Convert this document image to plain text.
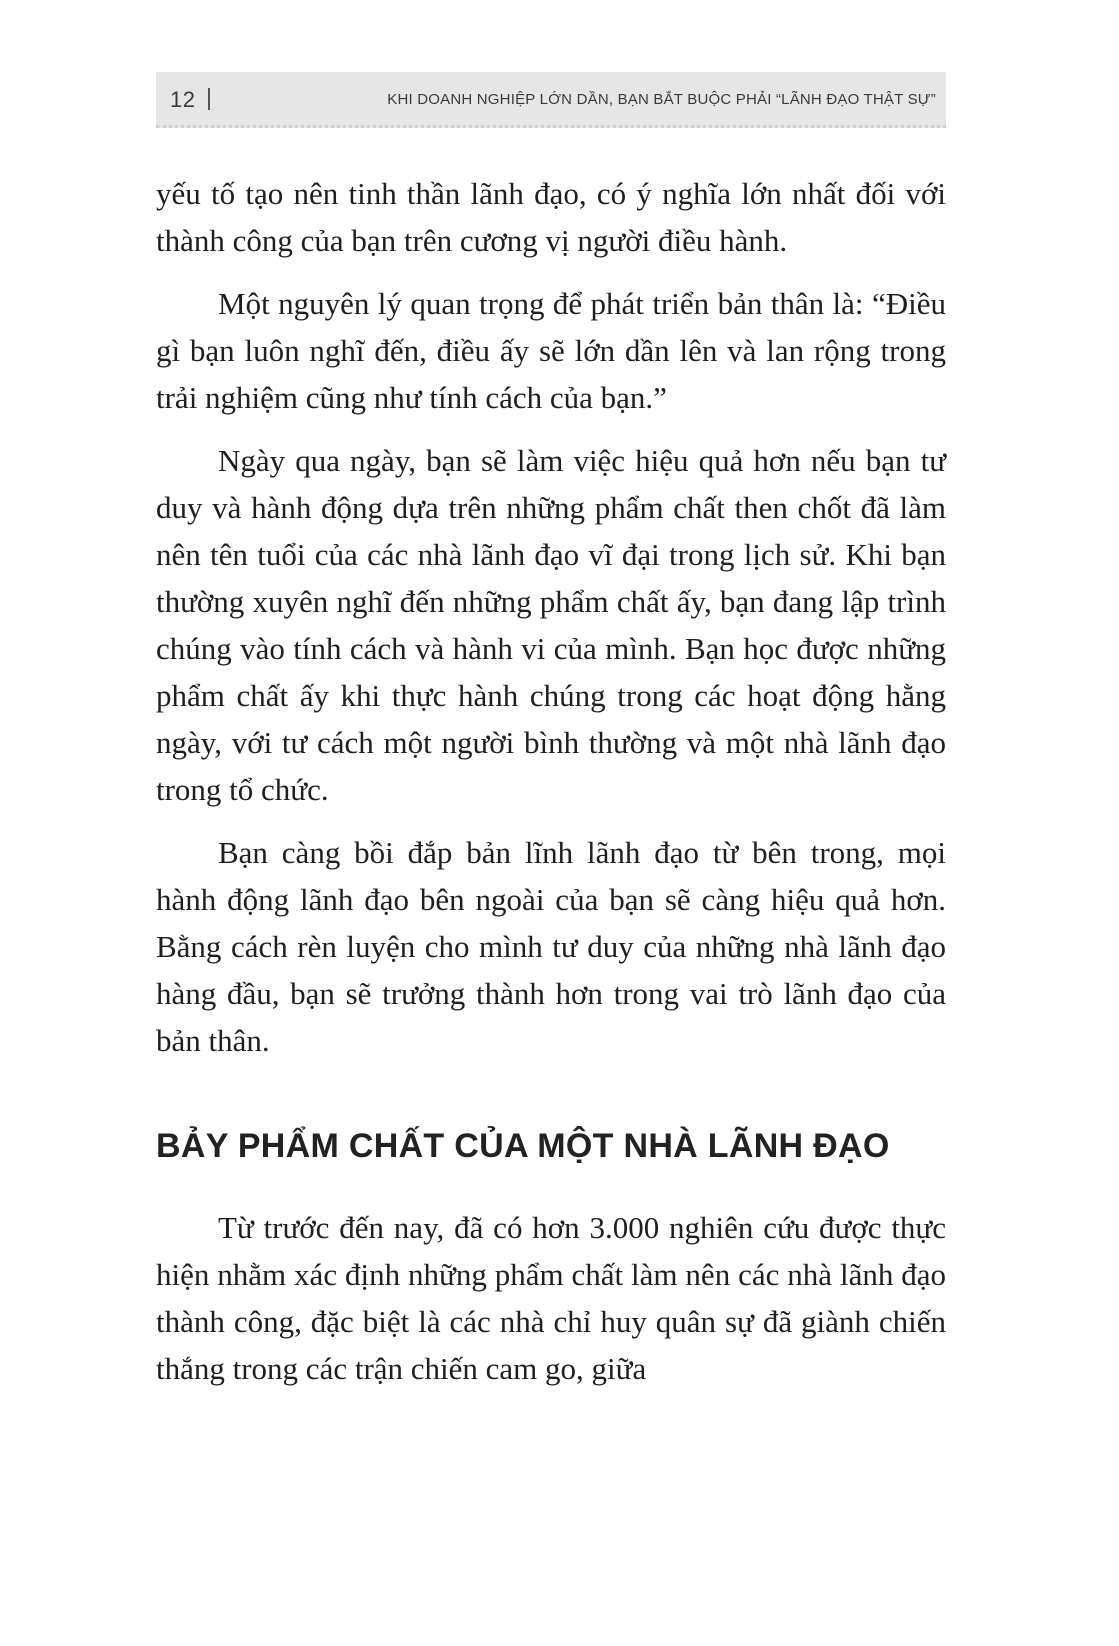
12	KHI DOANH NGHIỆP LỚN DẦN, BẠN BẮT BUỘC PHẢI “LÃNH ĐẠO THẬT SỰ”

yếu tố tạo nên tinh thần lãnh đạo, có ý nghĩa lớn nhất đối với thành công của bạn trên cương vị người điều hành.

Một nguyên lý quan trọng để phát triển bản thân là: “Điều gì bạn luôn nghĩ đến, điều ấy sẽ lớn dần lên và lan rộng trong trải nghiệm cũng như tính cách của bạn.”

Ngày qua ngày, bạn sẽ làm việc hiệu quả hơn nếu bạn tư duy và hành động dựa trên những phẩm chất then chốt đã làm nên tên tuổi của các nhà lãnh đạo vĩ đại trong lịch sử. Khi bạn thường xuyên nghĩ đến những phẩm chất ấy, bạn đang lập trình chúng vào tính cách và hành vi của mình. Bạn học được những phẩm chất ấy khi thực hành chúng trong các hoạt động hằng ngày, với tư cách một người bình thường và một nhà lãnh đạo trong tổ chức.

Bạn càng bồi đắp bản lĩnh lãnh đạo từ bên trong, mọi hành động lãnh đạo bên ngoài của bạn sẽ càng hiệu quả hơn. Bằng cách rèn luyện cho mình tư duy của những nhà lãnh đạo hàng đầu, bạn sẽ trưởng thành hơn trong vai trò lãnh đạo của bản thân.

BẢY PHẨM CHẤT CỦA MỘT NHÀ LÃNH ĐẠO

Từ trước đến nay, đã có hơn 3.000 nghiên cứu được thực hiện nhằm xác định những phẩm chất làm nên các nhà lãnh đạo thành công, đặc biệt là các nhà chỉ huy quân sự đã giành chiến thắng trong các trận chiến cam go, giữa
